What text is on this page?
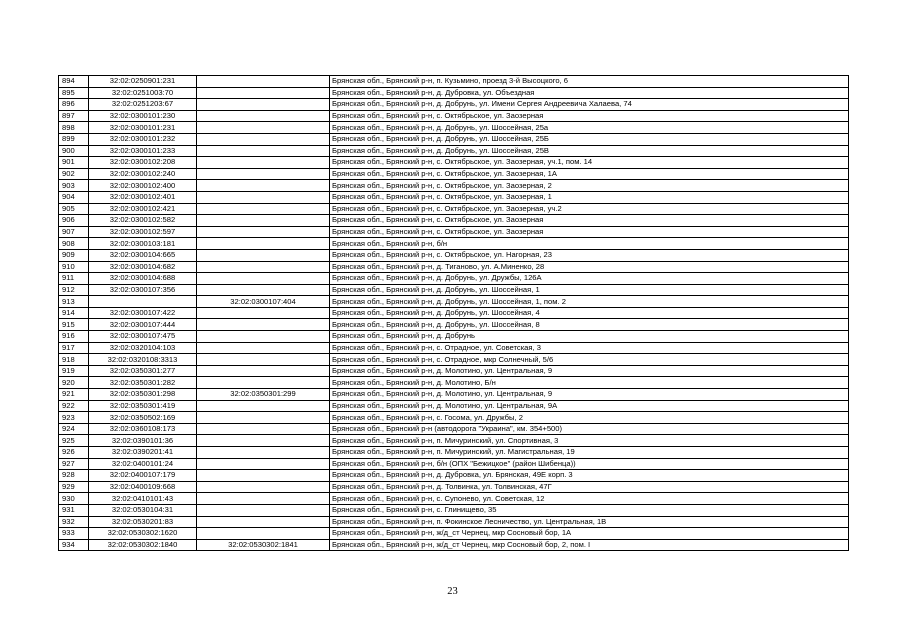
894	32:02:0250901:231		Брянская обл., Брянский р-н, п. Кузьмино, проезд 3-й Высоцкого, 6
895	32:02:0251003:70		Брянская обл., Брянский р-н, д. Дубровка, ул. Объездная
896	32:02:0251203:67		Брянская обл., Брянский р-н, д. Добрунь, ул. Имени Сергея Андреевича Халаева, 74
897	32:02:0300101:230		Брянская обл., Брянский р-н, с. Октябрьское, ул. Заозерная
898	32:02:0300101:231		Брянская обл., Брянский р-н, д. Добрунь, ул. Шоссейная, 25а
899	32:02:0300101:232		Брянская обл., Брянский р-н, д. Добрунь, ул. Шоссейная, 25Б
900	32:02:0300101:233		Брянская обл., Брянский р-н, д. Добрунь, ул. Шоссейная, 25В
901	32:02:0300102:208		Брянская обл., Брянский р-н, с. Октябрьское, ул. Заозерная, уч.1, пом. 14
902	32:02:0300102:240		Брянская обл., Брянский р-н, с. Октябрьское, ул. Заозерная, 1А
903	32:02:0300102:400		Брянская обл., Брянский р-н, с. Октябрьское, ул. Заозерная, 2
904	32:02:0300102:401		Брянская обл., Брянский р-н, с. Октябрьское, ул. Заозерная, 1
905	32:02:0300102:421		Брянская обл., Брянский р-н, с. Октябрьское, ул. Заозерная, уч.2
906	32:02:0300102:582		Брянская обл., Брянский р-н, с. Октябрьское, ул. Заозерная
907	32:02:0300102:597		Брянская обл., Брянский р-н, с. Октябрьское, ул. Заозерная
908	32:02:0300103:181		Брянская обл., Брянский р-н, б/н
909	32:02:0300104:665		Брянская обл., Брянский р-н, с. Октябрьское, ул. Нагорная, 23
910	32:02:0300104:682		Брянская обл., Брянский р-н, д. Тиганово, ул. А.Миненко, 28
911	32:02:0300104:688		Брянская обл., Брянский р-н, д. Добрунь, ул. Дружбы, 126А
912	32:02:0300107:356		Брянская обл., Брянский р-н, д. Добрунь, ул. Шоссейная, 1
913		32:02:0300107:404	Брянская обл., Брянский р-н, д. Добрунь, ул. Шоссейная, 1, пом. 2
914	32:02:0300107:422		Брянская обл., Брянский р-н, д. Добрунь, ул. Шоссейная, 4
915	32:02:0300107:444		Брянская обл., Брянский р-н, д. Добрунь, ул. Шоссейная, 8
916	32:02:0300107:475		Брянская обл., Брянский р-н, д. Добрунь
917	32:02:0320104:103		Брянская обл., Брянский р-н, с. Отрадное, ул. Советская, 3
918	32:02:0320108:3313		Брянская обл., Брянский р-н, с. Отрадное, мкр Солнечный, 5/6
919	32:02:0350301:277		Брянская обл., Брянский р-н, д. Молотино, ул. Центральная, 9
920	32:02:0350301:282		Брянская обл., Брянский р-н, д. Молотино, Б/н
921	32:02:0350301:298	32:02:0350301:299	Брянская обл., Брянский р-н, д. Молотино, ул. Центральная, 9
922	32:02:0350301:419		Брянская обл., Брянский р-н, д. Молотино, ул. Центральная, 9А
923	32:02:0350502:169		Брянская обл., Брянский р-н, с. Госома, ул. Дружбы, 2
924	32:02:0360108:173		Брянская обл., Брянский р-н (автодорога "Украина", км. 354+500)
925	32:02:0390101:36		Брянская обл., Брянский р-н, п. Мичуринский, ул. Спортивная, 3
926	32:02:0390201:41		Брянская обл., Брянский р-н, п. Мичуринский, ул. Магистральная, 19
927	32:02:0400101:24		Брянская обл., Брянский р-н, б/н (ОПХ "Бежицкое" (район Шибенца))
928	32:02:0400107:179		Брянская обл., Брянский р-н, д. Дубровка, ул. Брянская, 49Е корп. 3
929	32:02:0400109:668		Брянская обл., Брянский р-н, д. Толвинка, ул. Толвинская, 47Г
930	32:02:0410101:43		Брянская обл., Брянский р-н, с. Супонево, ул. Советская, 12
931	32:02:0530104:31		Брянская обл., Брянский р-н, с. Глинищево, 35
932	32:02:0530201:83		Брянская обл., Брянский р-н, п. Фокинское Лесничество, ул. Центральная, 1В
933	32:02:0530302:1620		Брянская обл., Брянский р-н, ж/д_ст Чернец, мкр Сосновый бор, 1А
934	32:02:0530302:1840	32:02:0530302:1841	Брянская обл., Брянский р-н, ж/д_ст Чернец, мкр Сосновый бор, 2, пом. I
23
